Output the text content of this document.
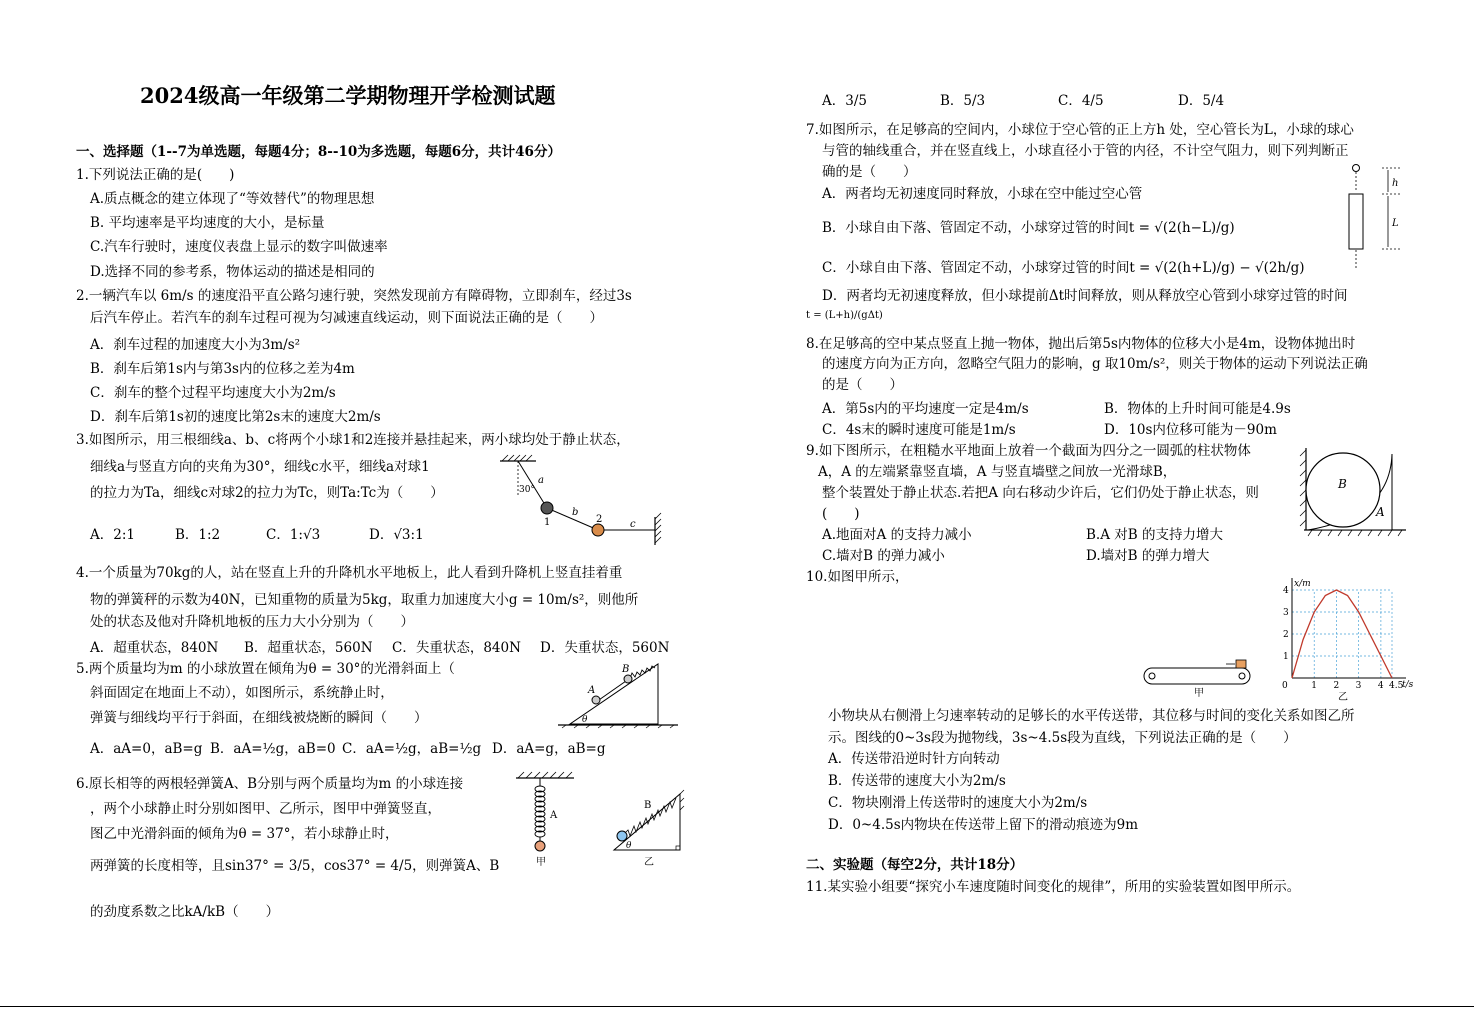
2024级高一年级第二学期物理开学检测试题
一、选择题（1--7为单选题，每题4分；8--10为多选题，每题6分，共计46分）
1.下列说法正确的是(　　)
A.质点概念的建立体现了“等效替代”的物理思想
B. 平均速率是平均速度的大小，是标量
C.汽车行驶时，速度仪表盘上显示的数字叫做速率
D.选择不同的参考系，物体运动的描述是相同的
2.一辆汽车以 6m/s 的速度沿平直公路匀速行驶，突然发现前方有障碍物，立即刹车，经过3s
后汽车停止。若汽车的刹车过程可视为匀减速直线运动，则下面说法正确的是（　　）
A．刹车过程的加速度大小为3m/s²
B．刹车后第1s内与第3s内的位移之差为4m
C．刹车的整个过程平均速度大小为2m/s
D．刹车后第1s初的速度比第2s末的速度大2m/s
3.如图所示，用三根细线a、b、c将两个小球1和2连接并悬挂起来，两小球均处于静止状态，
细线a与竖直方向的夹角为30°，细线c水平，细线a对球1
的拉力为Ta，细线c对球2的拉力为Tc，则Ta:Tc为（　　）
A．2:1	B．1:2	C．1:√3	D．√3:1
30°
a
1
b
2	c
4.一个质量为70kg的人，站在竖直上升的升降机水平地板上，此人看到升降机上竖直挂着重
物的弹簧秤的示数为40N，已知重物的质量为5kg，取重力加速度大小g = 10m/s²，则他所
处的状态及他对升降机地板的压力大小分别为（　　）
A．超重状态，840N B．超重状态，560N C．失重状态，840N D．失重状态，560N
5.两个质量均为m 的小球放置在倾角为θ = 30°的光滑斜面上（
斜面固定在地面上不动），如图所示，系统静止时，
弹簧与细线均平行于斜面，在细线被烧断的瞬间（　　）
A．aA=0，aB=g B．aA=½g，aB=0 C．aA=½g，aB=½g D．aA=g，aB=g
A
B
θ
6.原长相等的两根轻弹簧A、B分别与两个质量均为m 的小球连接
，两个小球静止时分别如图甲、乙所示，图甲中弹簧竖直，
图乙中光滑斜面的倾角为θ = 37°，若小球静止时，
两弹簧的长度相等，且sin37° = 3/5，cos37° = 4/5，则弹簧A、B
的劲度系数之比kA/kB（　　）
A
甲
B
θ
乙
A．3/5	B．5/3	C．4/5	D．5/4
7.如图所示，在足够高的空间内，小球位于空心管的正上方h 处，空心管长为L，小球的球心
与管的轴线重合，并在竖直线上，小球直径小于管的内径，不计空气阻力，则下列判断正
确的是（　　）
A．两者均无初速度同时释放，小球在空中能过空心管
B．小球自由下落、管固定不动，小球穿过管的时间t = √(2(h−L)/g)
C．小球自由下落、管固定不动，小球穿过管的时间t = √(2(h+L)/g) − √(2h/g)
D．两者均无初速度释放，但小球提前Δt时间释放，则从释放空心管到小球穿过管的时间
t = (L+h)/(gΔt)
h
L
8.在足够高的空中某点竖直上抛一物体，抛出后第5s内物体的位移大小是4m，设物体抛出时
的速度方向为正方向，忽略空气阻力的影响，g 取10m/s²，则关于物体的运动下列说法正确
的是（　　）
A．第5s内的平均速度一定是4m/s	B．物体的上升时间可能是4.9s
C．4s末的瞬时速度可能是1m/s	D．10s内位移可能为－90m
9.如下图所示，在粗糙水平地面上放着一个截面为四分之一圆弧的柱状物体
A，A 的左端紧靠竖直墙，A 与竖直墙壁之间放一光滑球B，
整个装置处于静止状态.若把A 向右移动少许后，它们仍处于静止状态，则
(　　)
A.地面对A 的支持力减小	B.A 对B 的支持力增大
C.墙对B 的弹力减小	D.墙对B 的弹力增大
B
A
10.如图甲所示，
甲
0	1 2 3 4 4.5
1
2
3
4
t/s
x/m
乙
小物块从右侧滑上匀速率转动的足够长的水平传送带，其位移与时间的变化关系如图乙所
示。图线的0~3s段为抛物线，3s~4.5s段为直线，下列说法正确的是（　　）
A．传送带沿逆时针方向转动
B．传送带的速度大小为2m/s
C．物块刚滑上传送带时的速度大小为2m/s
D．0~4.5s内物块在传送带上留下的滑动痕迹为9m
二、实验题（每空2分，共计18分）
11.某实验小组要“探究小车速度随时间变化的规律”，所用的实验装置如图甲所示。
